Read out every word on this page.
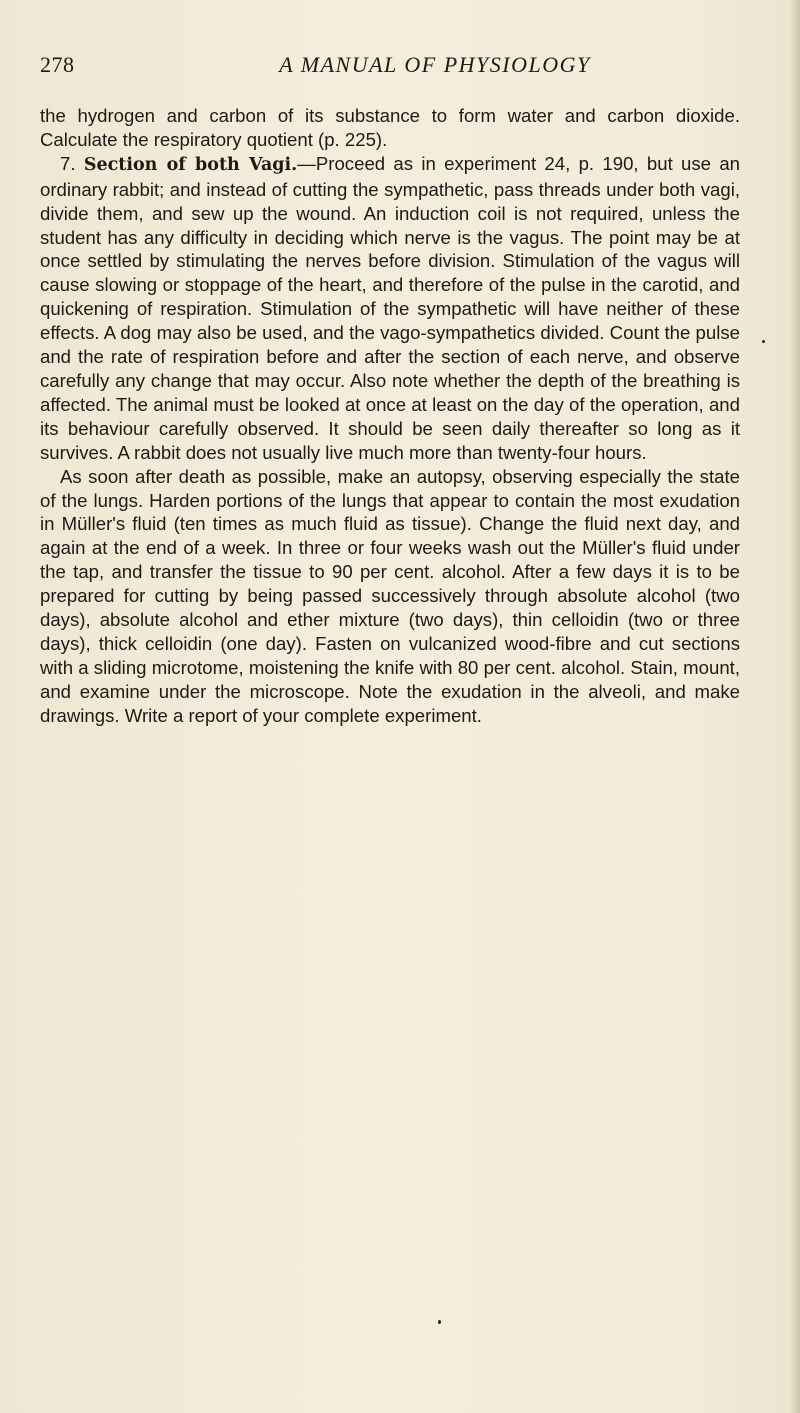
278	A MANUAL OF PHYSIOLOGY

the hydrogen and carbon of its substance to form water and carbon dioxide. Calculate the respiratory quotient (p. 225).

7. Section of both Vagi.—Proceed as in experiment 24, p. 190, but use an ordinary rabbit; and instead of cutting the sympathetic, pass threads under both vagi, divide them, and sew up the wound. An induction coil is not required, unless the student has any difficulty in deciding which nerve is the vagus. The point may be at once settled by stimulating the nerves before division. Stimulation of the vagus will cause slowing or stoppage of the heart, and therefore of the pulse in the carotid, and quickening of respiration. Stimulation of the sympathetic will have neither of these effects. A dog may also be used, and the vago-sympathetics divided. Count the pulse and the rate of respiration before and after the section of each nerve, and observe carefully any change that may occur. Also note whether the depth of the breathing is affected. The animal must be looked at once at least on the day of the operation, and its behaviour carefully observed. It should be seen daily thereafter so long as it survives. A rabbit does not usually live much more than twenty-four hours.

As soon after death as possible, make an autopsy, observing especially the state of the lungs. Harden portions of the lungs that appear to contain the most exudation in Müller's fluid (ten times as much fluid as tissue). Change the fluid next day, and again at the end of a week. In three or four weeks wash out the Müller's fluid under the tap, and transfer the tissue to 90 per cent. alcohol. After a few days it is to be prepared for cutting by being passed successively through absolute alcohol (two days), absolute alcohol and ether mixture (two days), thin celloidin (two or three days), thick celloidin (one day). Fasten on vulcanized wood-fibre and cut sections with a sliding microtome, moistening the knife with 80 per cent. alcohol. Stain, mount, and examine under the microscope. Note the exudation in the alveoli, and make drawings. Write a report of your complete experiment.
